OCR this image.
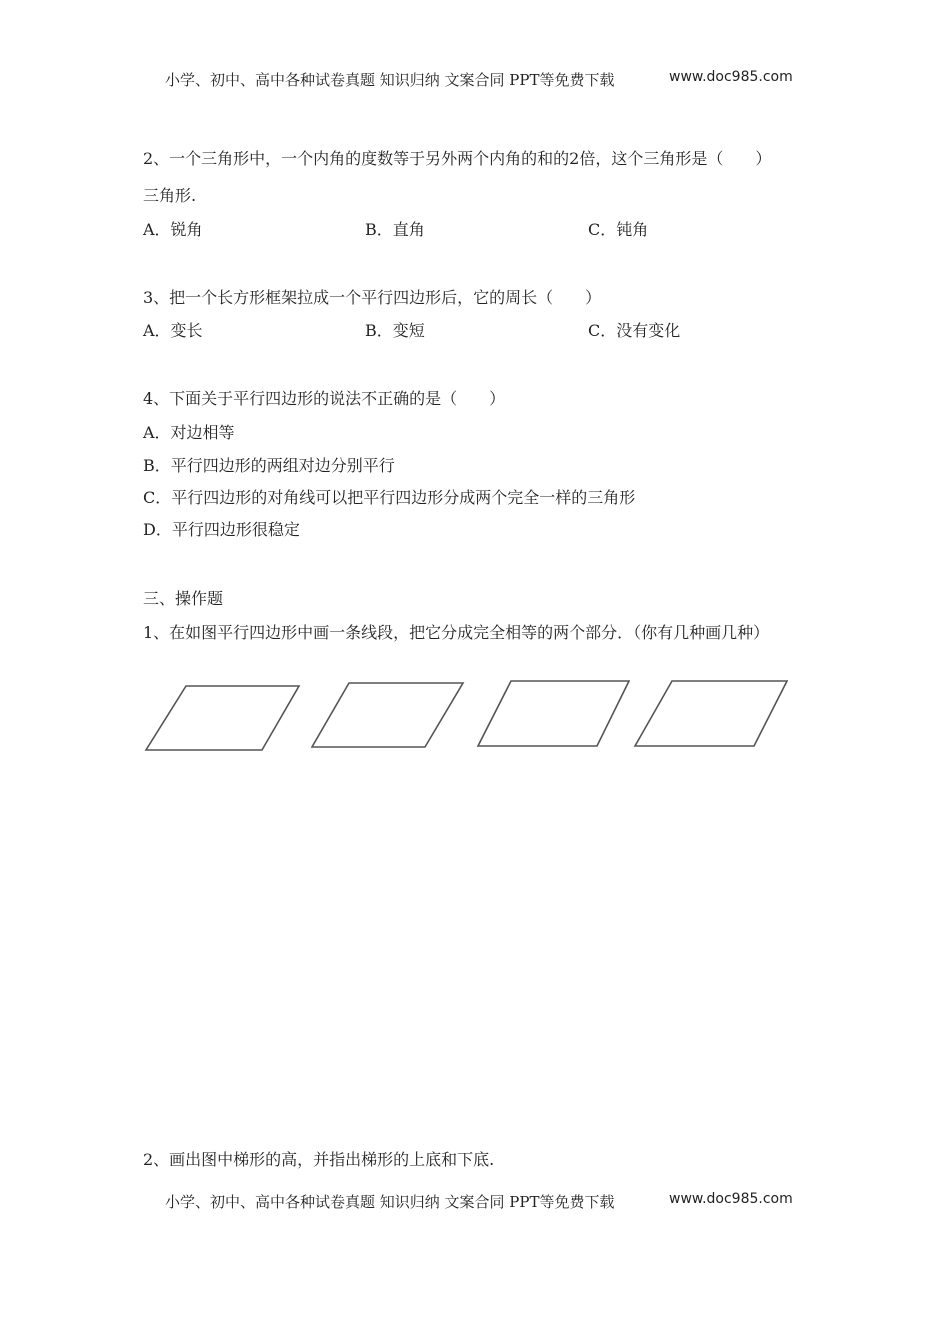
小学、初中、高中各种试卷真题 知识归纳 文案合同 PPT等免费下载	www.doc985.com
2、一个三角形中，一个内角的度数等于另外两个内角的和的2倍，这个三角形是（　　）
三角形.
A．锐角	B．直角	C．钝角
3、把一个长方形框架拉成一个平行四边形后，它的周长（　　）
A．变长	B．变短	C．没有变化
4、下面关于平行四边形的说法不正确的是（　　）
A．对边相等
B．平行四边形的两组对边分别平行
C．平行四边形的对角线可以把平行四边形分成两个完全一样的三角形
D．平行四边形很稳定
三、操作题
1、在如图平行四边形中画一条线段，把它分成完全相等的两个部分．（你有几种画几种）
2、画出图中梯形的高，并指出梯形的上底和下底.
小学、初中、高中各种试卷真题 知识归纳 文案合同 PPT等免费下载	www.doc985.com
